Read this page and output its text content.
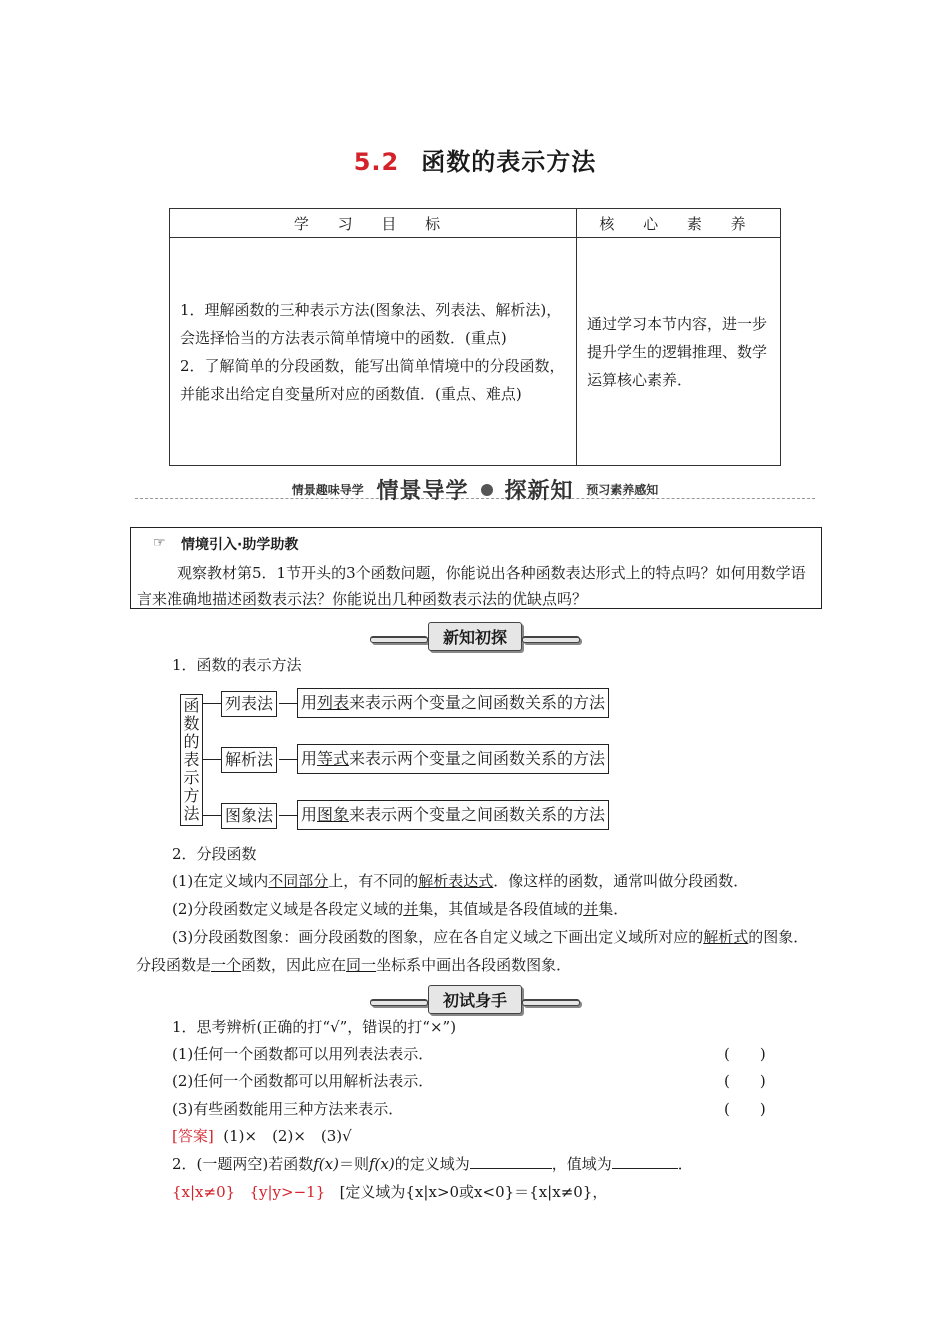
5.2 函数的表示方法
学 习 目 标	核 心 素 养
1．理解函数的三种表示方法(图象法、列表法、解析法)，会选择恰当的方法表示简单情境中的函数．(重点)
2．了解简单的分段函数，能写出简单情境中的分段函数，并能求出给定自变量所对应的函数值．(重点、难点)	通过学习本节内容，进一步提升学生的逻辑推理、数学运算核心素养．
情景趣味导学 情景导学 探新知 预习素养感知
☞ 情境引入·助学助教
观察教材第5．1节开头的3个函数问题，你能说出各种函数表达形式上的特点吗？如何用数学语言来准确地描述函数表示法？你能说出几种函数表示法的优缺点吗？
新知初探
1．函数的表示方法
函数的表示方法
列表法 用列表来表示两个变量之间函数关系的方法
解析法 用等式来表示两个变量之间函数关系的方法
图象法 用图象来表示两个变量之间函数关系的方法
2．分段函数
(1)在定义域内不同部分上，有不同的解析表达式．像这样的函数，通常叫做分段函数．
(2)分段函数定义域是各段定义域的并集，其值域是各段值域的并集．
(3)分段函数图象：画分段函数的图象，应在各自定义域之下画出定义域所对应的解析式的图象．分段函数是一个函数，因此应在同一坐标系中画出各段函数图象．
初试身手
1．思考辨析(正确的打“√”，错误的打“×”)
(1)任何一个函数都可以用列表法表示．	(　　)
(2)任何一个函数都可以用解析法表示．	(　　)
(3)有些函数能用三种方法来表示．	(　　)
[答案] (1)×　(2)×　(3)√
2．(一题两空)若函数f(x)＝则f(x)的定义域为	，值域为	．
{x|x≠0} {y|y>−1} [定义域为{x|x>0或x<0}＝{x|x≠0}，
